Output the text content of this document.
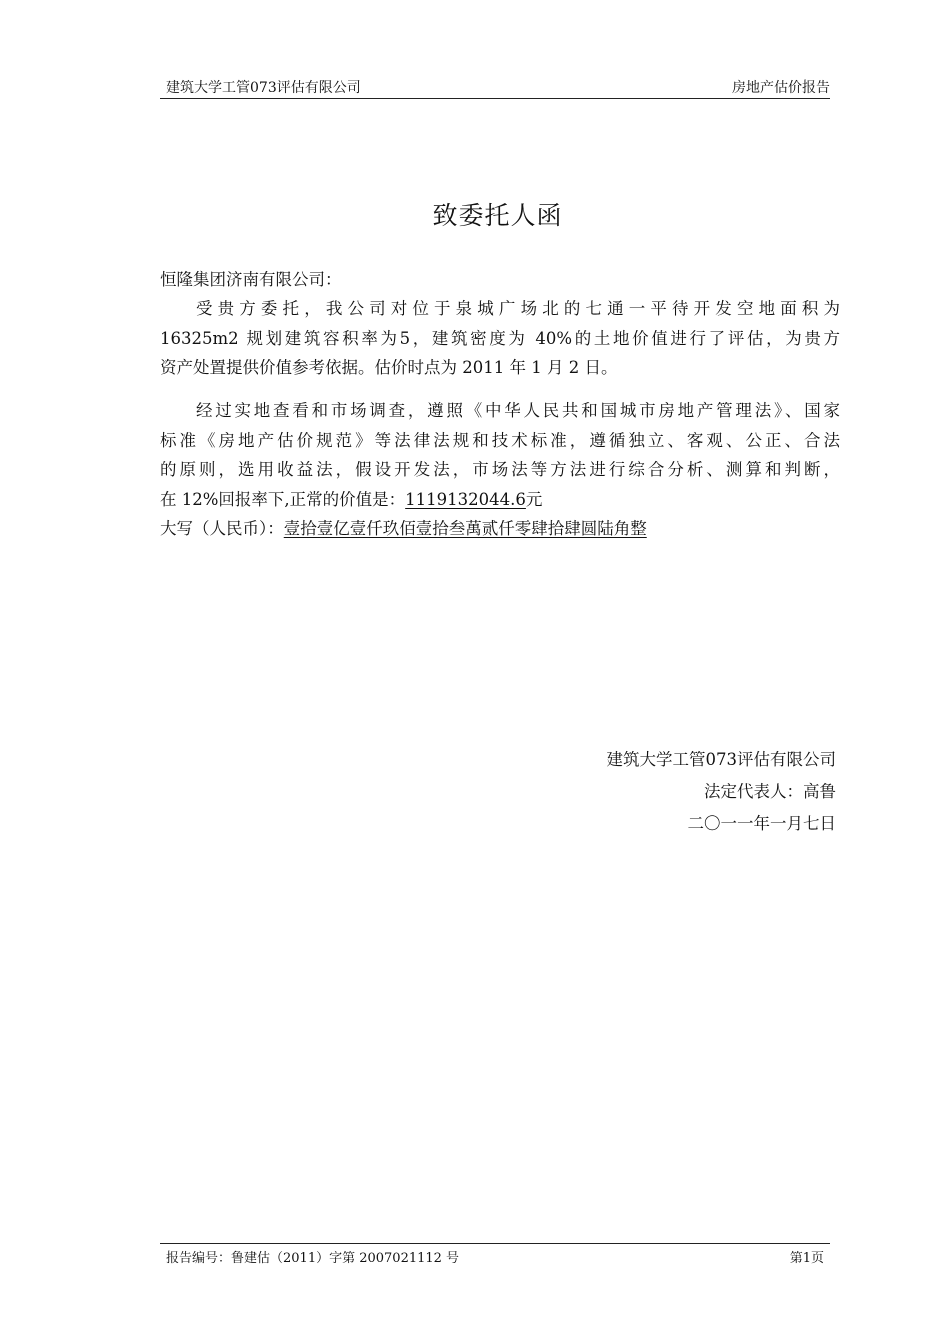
建筑大学工管073评估有限公司	房地产估价报告
致委托人函
恒隆集团济南有限公司：
受贵方委托，我公司对位于泉城广场北的七通一平待开发空地面积为
16325m2 规划建筑容积率为5，建筑密度为 40%的土地价值进行了评估，为贵方
资产处置提供价值参考依据。估价时点为 2011 年 1 月 2 日。
经过实地查看和市场调查，遵照《中华人民共和国城市房地产管理法》、国家
标准《房地产估价规范》等法律法规和技术标准，遵循独立、客观、公正、合法
的原则，选用收益法，假设开发法，市场法等方法进行综合分析、测算和判断，
在 12%回报率下,正常的价值是：1119132044.6元
大写（人民币）：壹拾壹亿壹仟玖佰壹拾叁萬贰仟零肆拾肆圆陆角整
建筑大学工管073评估有限公司
法定代表人：高鲁
二〇一一年一月七日
报告编号：鲁建估（2011）字第 2007021112 号	第1页
